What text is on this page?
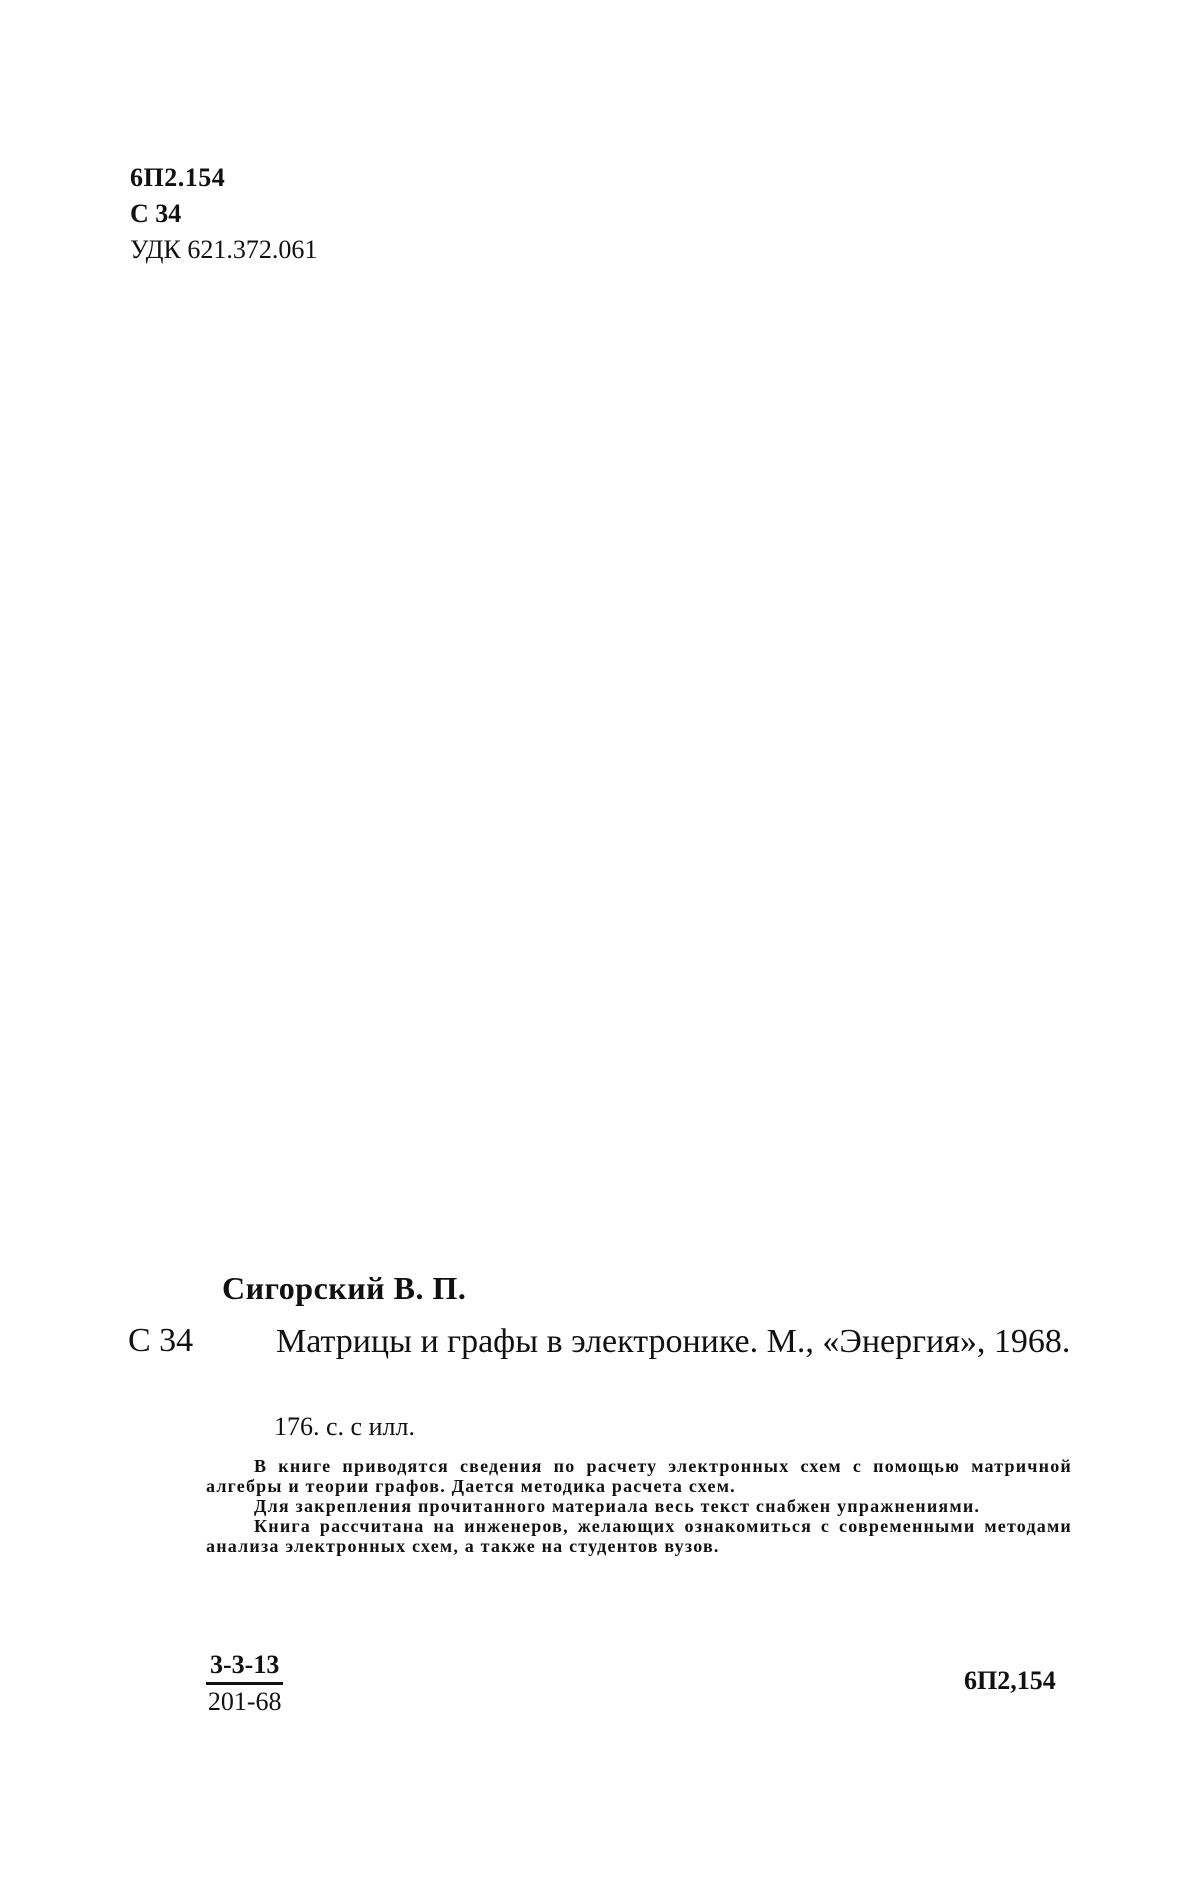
6П2.154
С 34
УДК 621.372.061
Сигорский В. П.
С 34	Матрицы и графы в электронике. М., «Энергия», 1968.
176. с. с илл.

В книге приводятся сведения по расчету электронных схем с помощью матричной алгебры и теории графов. Дается методика расчета схем.

Для закрепления прочитанного материала весь текст снабжен упражнениями.

Книга рассчитана на инженеров, желающих ознакомиться с современными методами анализа электронных схем, а также на студентов вузов.

$\frac{3-3-13}{201-68}$	6П2,154
